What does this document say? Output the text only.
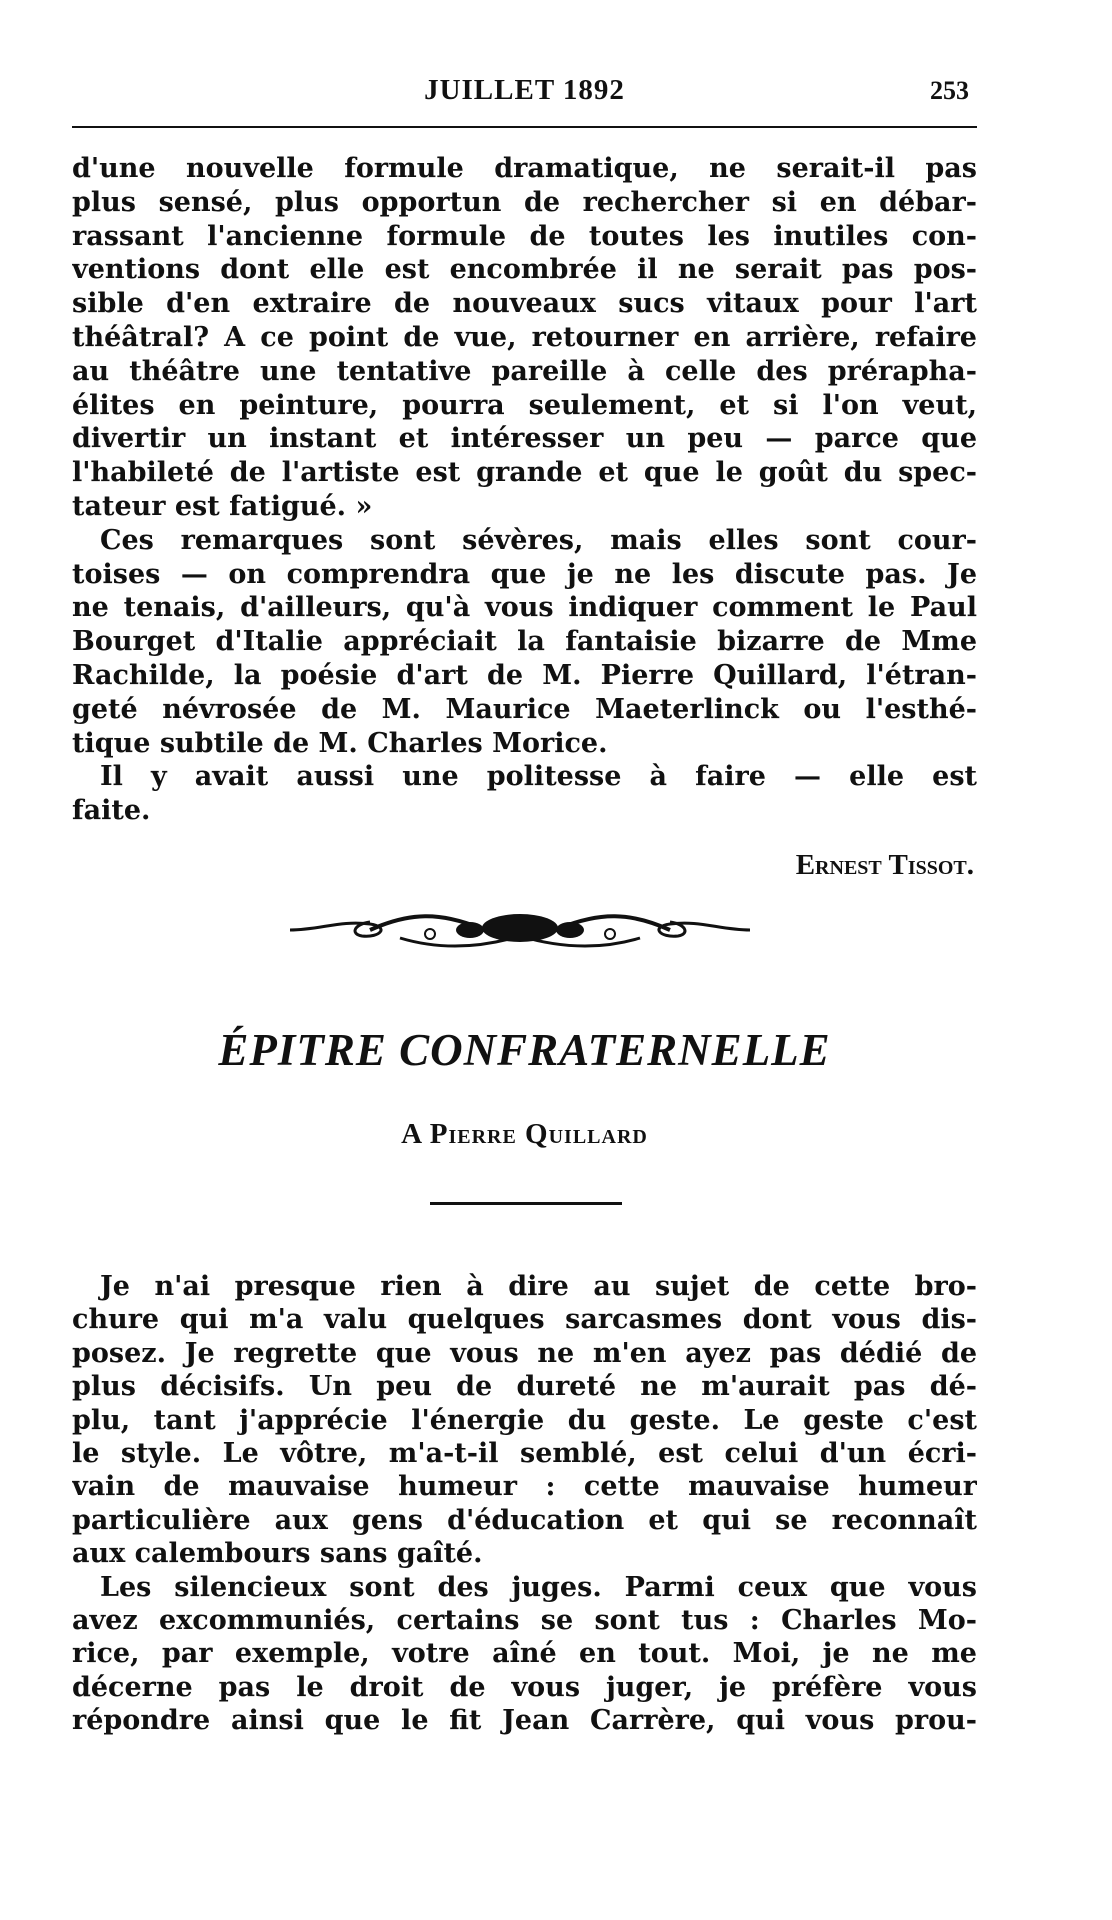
JUILLET 1892	253
d'une nouvelle formule dramatique, ne serait-il pas
plus sensé, plus opportun de rechercher si en débar-
rassant l'ancienne formule de toutes les inutiles con-
ventions dont elle est encombrée il ne serait pas pos-
sible d'en extraire de nouveaux sucs vitaux pour l'art
théâtral? A ce point de vue, retourner en arrière, refaire
au théâtre une tentative pareille à celle des prérapha-
élites en peinture, pourra seulement, et si l'on veut,
divertir un instant et intéresser un peu — parce que
l'habileté de l'artiste est grande et que le goût du spec-
tateur est fatigué. »
Ces remarques sont sévères, mais elles sont cour-
toises — on comprendra que je ne les discute pas. Je
ne tenais, d'ailleurs, qu'à vous indiquer comment le Paul
Bourget d'Italie appréciait la fantaisie bizarre de Mme
Rachilde, la poésie d'art de M. Pierre Quillard, l'étran-
geté névrosée de M. Maurice Maeterlinck ou l'esthé-
tique subtile de M. Charles Morice.
Il y avait aussi une politesse à faire — elle est
faite.
Ernest Tissot.
ÉPITRE CONFRATERNELLE
A Pierre Quillard
Je n'ai presque rien à dire au sujet de cette bro-
chure qui m'a valu quelques sarcasmes dont vous dis-
posez. Je regrette que vous ne m'en ayez pas dédié de
plus décisifs. Un peu de dureté ne m'aurait pas dé-
plu, tant j'apprécie l'énergie du geste. Le geste c'est
le style. Le vôtre, m'a-t-il semblé, est celui d'un écri-
vain de mauvaise humeur : cette mauvaise humeur
particulière aux gens d'éducation et qui se reconnaît
aux calembours sans gaîté.
Les silencieux sont des juges. Parmi ceux que vous
avez excommuniés, certains se sont tus : Charles Mo-
rice, par exemple, votre aîné en tout. Moi, je ne me
décerne pas le droit de vous juger, je préfère vous
répondre ainsi que le fit Jean Carrère, qui vous prou-
